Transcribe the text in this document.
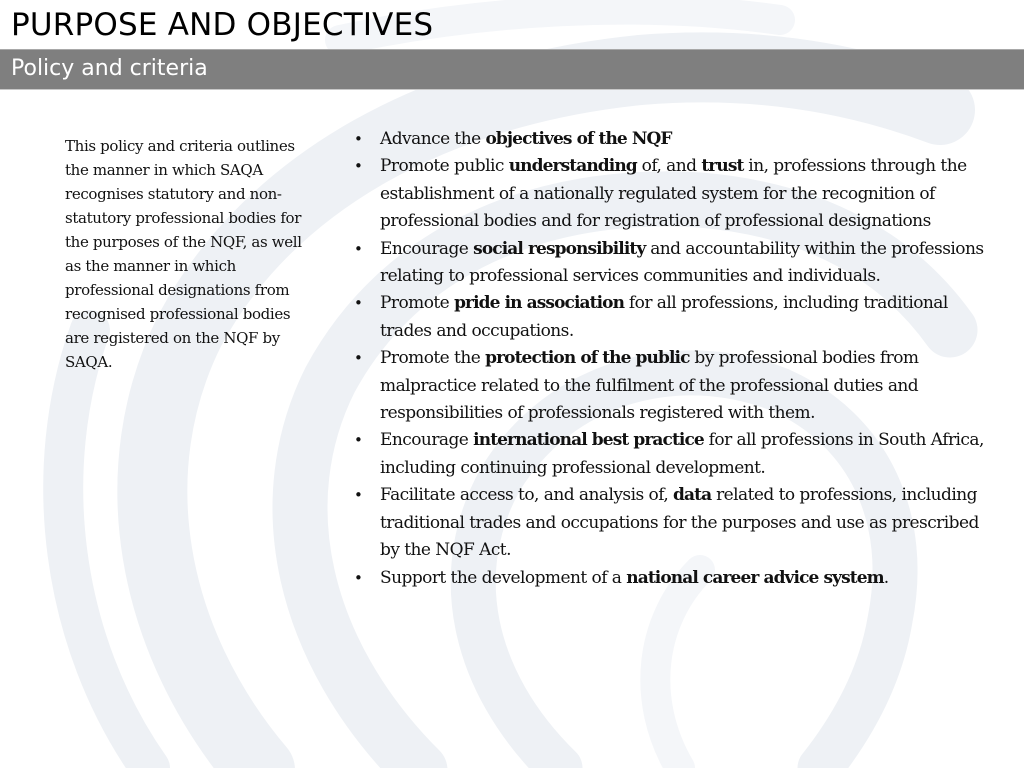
PURPOSE AND OBJECTIVES
Policy and criteria

This policy and criteria outlines the manner in which SAQA recognises statutory and non-statutory professional bodies for the purposes of the NQF, as well as the manner in which professional designations from recognised professional bodies are registered on the NQF by SAQA.

• Advance the objectives of the NQF
• Promote public understanding of, and trust in, professions through the establishment of a nationally regulated system for the recognition of professional bodies and for registration of professional designations
• Encourage social responsibility and accountability within the professions relating to professional services communities and individuals.
• Promote pride in association for all professions, including traditional trades and occupations.
• Promote the protection of the public by professional bodies from malpractice related to the fulfilment of the professional duties and responsibilities of professionals registered with them.
• Encourage international best practice for all professions in South Africa, including continuing professional development.
• Facilitate access to, and analysis of, data related to professions, including traditional trades and occupations for the purposes and use as prescribed by the NQF Act.
• Support the development of a national career advice system.
